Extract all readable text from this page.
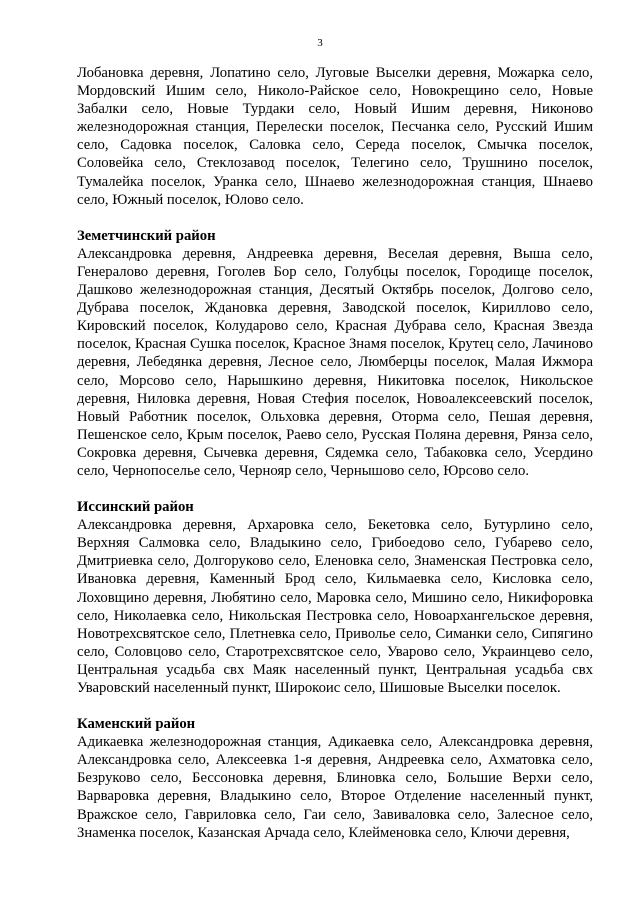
3

Лобановка деревня, Лопатино село, Луговые Выселки деревня, Можарка село, Мордовский Ишим село, Николо-Райское село, Новокрещино село, Новые Забалки село, Новые Турдаки село, Новый Ишим деревня, Никоново железнодорожная станция, Перелески поселок, Песчанка село, Русский Ишим село, Садовка поселок, Саловка село, Середа поселок, Смычка поселок, Соловейка село, Стеклозавод поселок, Телегино село, Трушнино поселок, Тумалейка поселок, Уранка село, Шнаево железнодорожная станция, Шнаево село, Южный поселок, Юлово село.

Земетчинский район

Александровка деревня, Андреевка деревня, Веселая деревня, Выша село, Генералово деревня, Гоголев Бор село, Голубцы поселок, Городище поселок, Дашково железнодорожная станция, Десятый Октябрь поселок, Долгово село, Дубрава поселок, Ждановка деревня, Заводской поселок, Кириллово село, Кировский поселок, Колударово село, Красная Дубрава село, Красная Звезда поселок, Красная Сушка поселок, Красное Знамя поселок, Крутец село, Лачиново деревня, Лебедянка деревня, Лесное село, Люмберцы поселок, Малая Ижмора село, Морсово село, Нарышкино деревня, Никитовка поселок, Никольское деревня, Ниловка деревня, Новая Стефия поселок, Новоалексеевский поселок, Новый Работник поселок, Ольховка деревня, Оторма село, Пешая деревня, Пешенское село, Крым поселок, Раево село, Русская Поляна деревня, Рянза село, Сокровка деревня, Сычевка деревня, Сядемка село, Табаковка село, Усердино село, Чернопоселье село, Чернояр село, Чернышово село, Юрсово село.

Иссинский район

Александровка деревня, Архаровка село, Бекетовка село, Бутурлино село, Верхняя Салмовка село, Владыкино село, Грибоедово село, Губарево село, Дмитриевка село, Долгоруково село, Еленовка село, Знаменская Пестровка село, Ивановка деревня, Каменный Брод село, Кильмаевка село, Кисловка село, Лоховщино деревня, Любятино село, Маровка село, Мишино село, Никифоровка село, Николаевка село, Никольская Пестровка село, Новоархангельское деревня, Новотрехсвятское село, Плетневка село, Приволье село, Симанки село, Сипягино село, Соловцово село, Старотрехсвятское село, Уварово село, Украинцево село, Центральная усадьба свх Маяк населенный пункт, Центральная усадьба свх Уваровский населенный пункт, Широкоис село, Шишовые Выселки поселок.

Каменский район

Адикаевка железнодорожная станция, Адикаевка село, Александровка деревня, Александровка село, Алексеевка 1-я деревня, Андреевка село, Ахматовка село, Безруково село, Бессоновка деревня, Блиновка село, Большие Верхи село, Варваровка деревня, Владыкино село, Второе Отделение населенный пункт, Вражское село, Гавриловка село, Гаи село, Завиваловка село, Залесное село, Знаменка поселок, Казанская Арчада село, Клейменовка село, Ключи деревня,
